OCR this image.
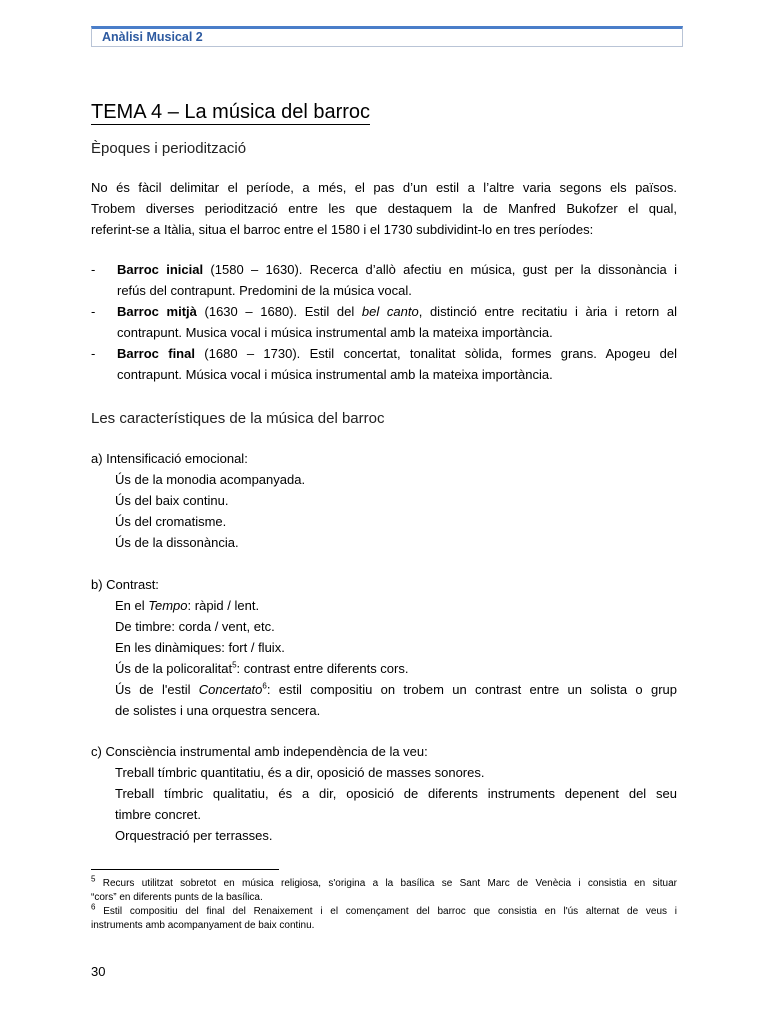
Anàlisi Musical 2
TEMA 4 – La música del barroc
Èpoques i periodització
No és fàcil delimitar el període, a més, el pas d’un estil a l’altre varia segons els països.
Trobem diverses periodització entre les que destaquem la de Manfred Bukofzer el qual,
referint-se a Itàlia, situa el barroc entre el 1580 i el 1730 subdividint-lo en tres períodes:
- Barroc inicial (1580 – 1630). Recerca d’allò afectiu en música, gust per la dissonància i
refús del contrapunt. Predomini de la música vocal.
- Barroc mitjà (1630 – 1680). Estil del bel canto, distinció entre recitatiu i ària i retorn al
contrapunt. Musica vocal i música instrumental amb la mateixa importància.
- Barroc final (1680 – 1730). Estil concertat, tonalitat sòlida, formes grans. Apogeu del
contrapunt. Música vocal i música instrumental amb la mateixa importància.
Les característiques de la música del barroc
a) Intensificació emocional:
Ús de la monodia acompanyada.
Ús del baix continu.
Ús del cromatisme.
Ús de la dissonància.
b) Contrast:
En el Tempo: ràpid / lent.
De timbre: corda / vent, etc.
En les dinàmiques: fort / fluix.
Ús de la policoralitat$^5$: contrast entre diferents cors.
Ús de l'estil Concertato$^6$: estil compositiu on trobem un contrast entre un solista o grup
de solistes i una orquestra sencera.
c) Consciència instrumental amb independència de la veu:
Treball tímbric quantitatiu, és a dir, oposició de masses sonores.
Treball tímbric qualitatiu, és a dir, oposició de diferents instruments depenent del seu
timbre concret.
Orquestració per terrasses.
$^5$ Recurs utilitzat sobretot en música religiosa, s'origina a la basílica se Sant Marc de Venècia i consistia en situar
“cors” en diferents punts de la basílica.
$^6$ Estil compositiu del final del Renaixement i el començament del barroc que consistia en l'ús alternat de veus i
instruments amb acompanyament de baix continu.
30
